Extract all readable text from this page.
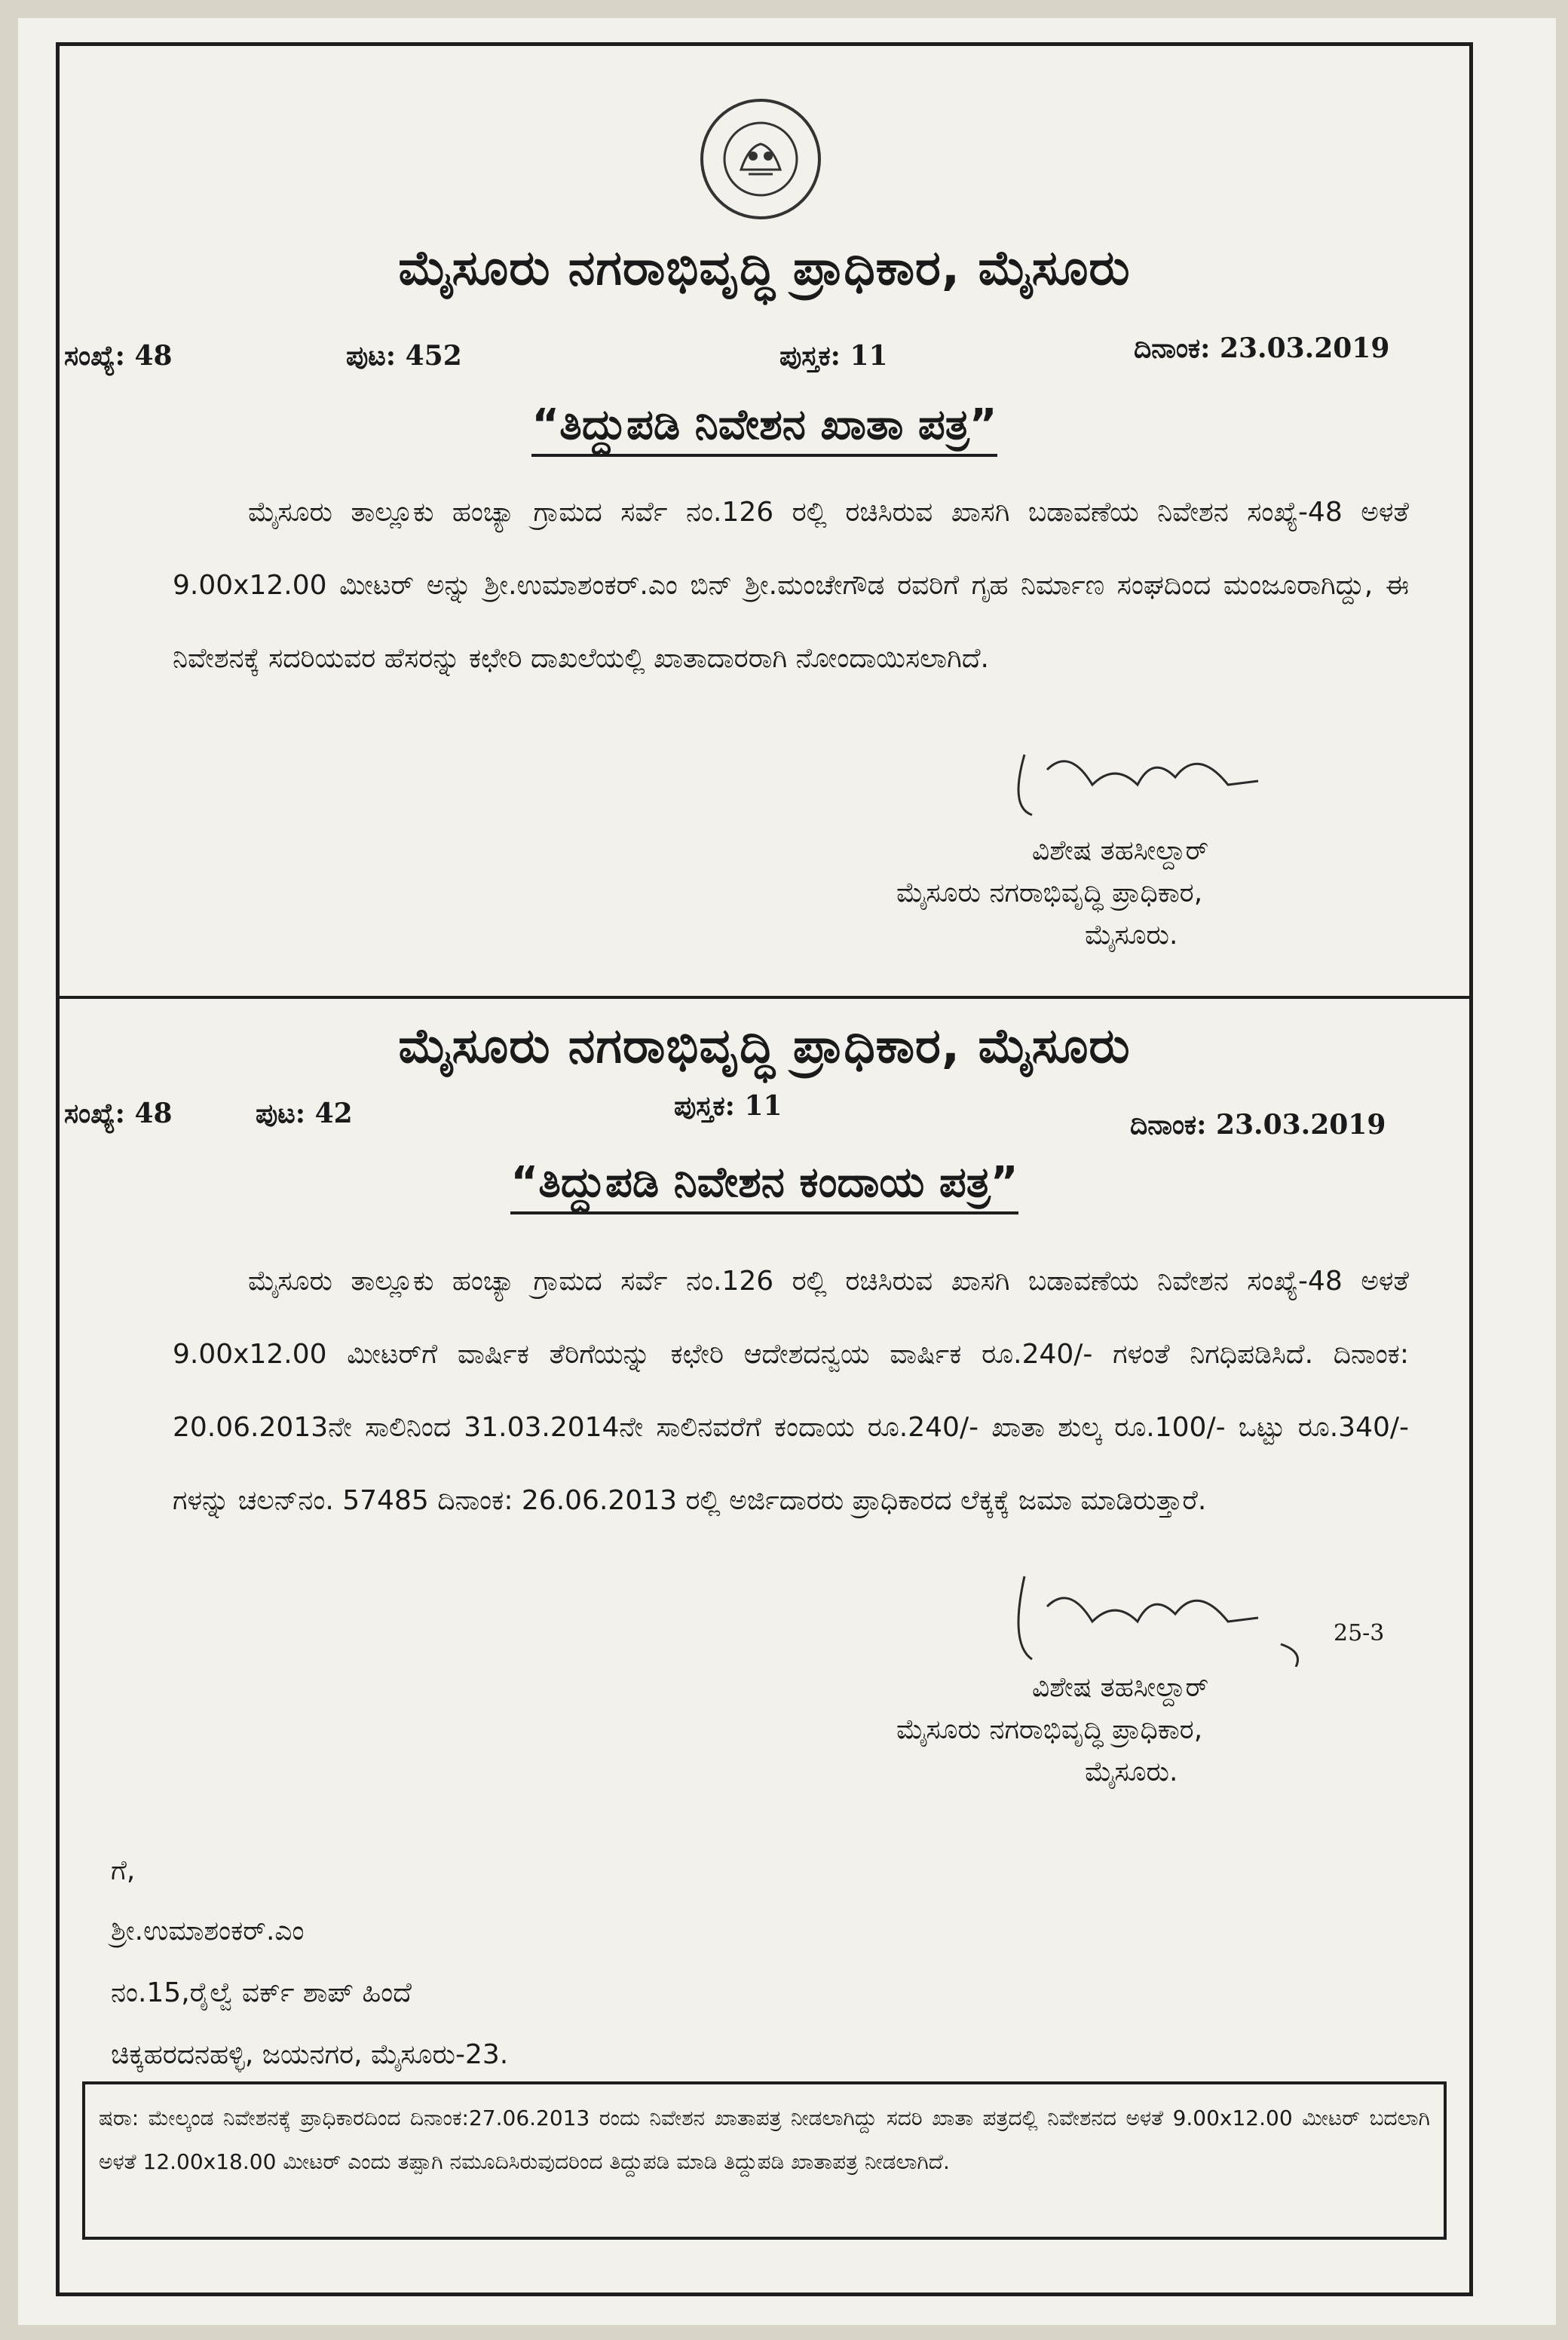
ಮೈಸೂರು ನಗರಾಭಿವೃದ್ಧಿ ಪ್ರಾಧಿಕಾರ, ಮೈಸೂರು
ಸಂಖ್ಯೆ: 48	ಪುಟ: 452	ಪುಸ್ತಕ: 11	ದಿನಾಂಕ: 23.03.2019
“ತಿದ್ದುಪಡಿ ನಿವೇಶನ ಖಾತಾ ಪತ್ರ”
ಮೈಸೂರು ತಾಲ್ಲೂಕು ಹಂಚ್ಯಾ ಗ್ರಾಮದ ಸರ್ವೆ ನಂ.126 ರಲ್ಲಿ ರಚಿಸಿರುವ ಖಾಸಗಿ ಬಡಾವಣೆಯ ನಿವೇಶನ ಸಂಖ್ಯೆ-48 ಅಳತೆ 9.00x12.00 ಮೀಟರ್ ಅನ್ನು ಶ್ರೀ.ಉಮಾಶಂಕರ್.ಎಂ ಬಿನ್ ಶ್ರೀ.ಮಂಚೇಗೌಡ ರವರಿಗೆ ಗೃಹ ನಿರ್ಮಾಣ ಸಂಘದಿಂದ ಮಂಜೂರಾಗಿದ್ದು, ಈ ನಿವೇಶನಕ್ಕೆ ಸದರಿಯವರ ಹೆಸರನ್ನು ಕಛೇರಿ ದಾಖಲೆಯಲ್ಲಿ ಖಾತಾದಾರರಾಗಿ ನೋಂದಾಯಿಸಲಾಗಿದೆ.
ವಿಶೇಷ ತಹಸೀಲ್ದಾರ್
ಮೈಸೂರು ನಗರಾಭಿವೃದ್ಧಿ ಪ್ರಾಧಿಕಾರ,
ಮೈಸೂರು.
ಮೈಸೂರು ನಗರಾಭಿವೃದ್ಧಿ ಪ್ರಾಧಿಕಾರ, ಮೈಸೂರು
ಸಂಖ್ಯೆ: 48	ಪುಟ: 42	ಪುಸ್ತಕ: 11
ದಿನಾಂಕ: 23.03.2019
“ತಿದ್ದುಪಡಿ ನಿವೇಶನ ಕಂದಾಯ ಪತ್ರ”
ಮೈಸೂರು ತಾಲ್ಲೂಕು ಹಂಚ್ಯಾ ಗ್ರಾಮದ ಸರ್ವೆ ನಂ.126 ರಲ್ಲಿ ರಚಿಸಿರುವ ಖಾಸಗಿ ಬಡಾವಣೆಯ ನಿವೇಶನ ಸಂಖ್ಯೆ-48 ಅಳತೆ 9.00x12.00 ಮೀಟರ್‌ಗೆ ವಾರ್ಷಿಕ ತೆರಿಗೆಯನ್ನು ಕಛೇರಿ ಆದೇಶದನ್ವಯ ವಾರ್ಷಿಕ ರೂ.240/- ಗಳಂತೆ ನಿಗಧಿಪಡಿಸಿದೆ. ದಿನಾಂಕ: 20.06.2013ನೇ ಸಾಲಿನಿಂದ 31.03.2014ನೇ ಸಾಲಿನವರೆಗೆ ಕಂದಾಯ ರೂ.240/- ಖಾತಾ ಶುಲ್ಕ ರೂ.100/- ಒಟ್ಟು ರೂ.340/- ಗಳನ್ನು ಚಲನ್‌ನಂ. 57485 ದಿನಾಂಕ: 26.06.2013 ರಲ್ಲಿ ಅರ್ಜಿದಾರರು ಪ್ರಾಧಿಕಾರದ ಲೆಕ್ಕಕ್ಕೆ ಜಮಾ ಮಾಡಿರುತ್ತಾರೆ.
25-3
ವಿಶೇಷ ತಹಸೀಲ್ದಾರ್
ಮೈಸೂರು ನಗರಾಭಿವೃದ್ಧಿ ಪ್ರಾಧಿಕಾರ,
ಮೈಸೂರು.
ಗೆ,
ಶ್ರೀ.ಉಮಾಶಂಕರ್.ಎಂ
ನಂ.15,ರೈಲ್ವೆ ವರ್ಕ್ ಶಾಪ್ ಹಿಂದೆ
ಚಿಕ್ಕಹರದನಹಳ್ಳಿ, ಜಯನಗರ, ಮೈಸೂರು-23.
ಷರಾ: ಮೇಲ್ಕಂಡ ನಿವೇಶನಕ್ಕೆ ಪ್ರಾಧಿಕಾರದಿಂದ ದಿನಾಂಕ:27.06.2013 ರಂದು ನಿವೇಶನ ಖಾತಾಪತ್ರ ನೀಡಲಾಗಿದ್ದು ಸದರಿ ಖಾತಾ ಪತ್ರದಲ್ಲಿ ನಿವೇಶನದ ಅಳತೆ 9.00x12.00 ಮೀಟರ್ ಬದಲಾಗಿ ಅಳತೆ 12.00x18.00 ಮೀಟರ್ ಎಂದು ತಪ್ಪಾಗಿ ನಮೂದಿಸಿರುವುದರಿಂದ ತಿದ್ದುಪಡಿ ಮಾಡಿ ತಿದ್ದುಪಡಿ ಖಾತಾಪತ್ರ ನೀಡಲಾಗಿದೆ.
